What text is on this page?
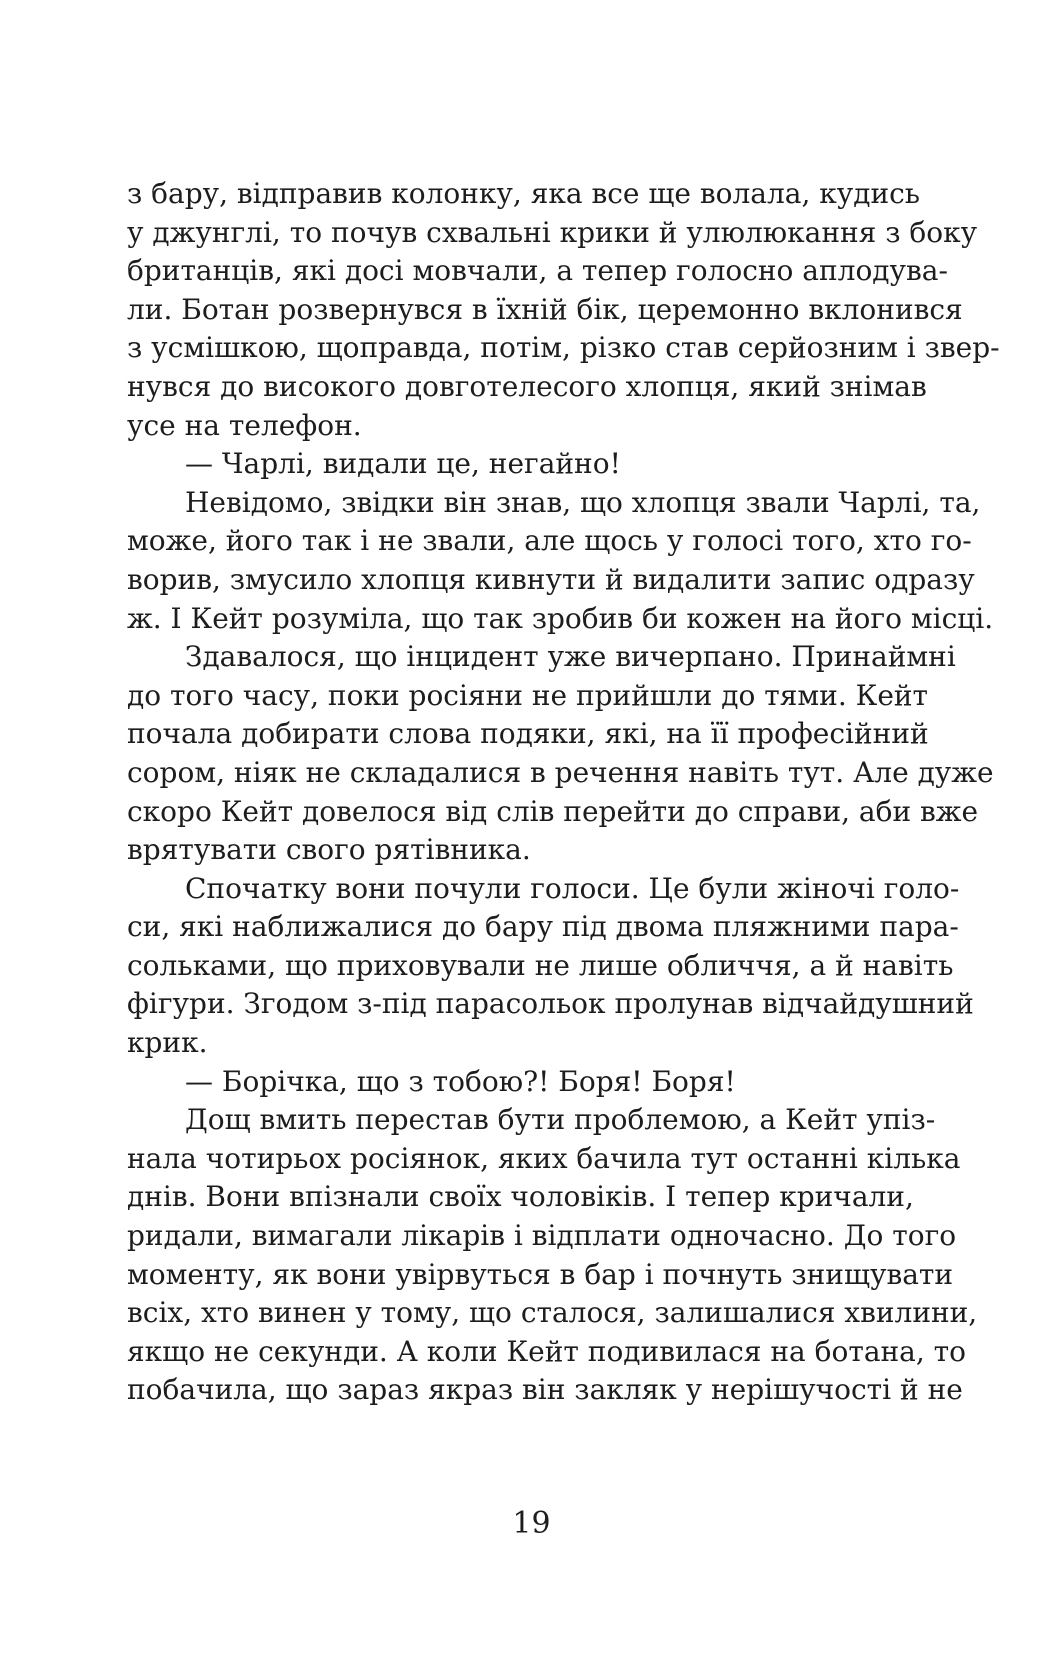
з бару, відправив колонку, яка все ще волала, кудись
у джунглі, то почув схвальні крики й улюлюкання з боку
британців, які досі мовчали, а тепер голосно аплодува-
ли. Ботан розвернувся в їхній бік, церемонно вклонився
з усмішкою, щоправда, потім, різко став серйозним і звер-
нувся до високого довготелесого хлопця, який знімав
усе на телефон.
— Чарлі, видали це, негайно!
Невідомо, звідки він знав, що хлопця звали Чарлі, та,
може, його так і не звали, але щось у голосі того, хто го-
ворив, змусило хлопця кивнути й видалити запис одразу
ж. І Кейт розуміла, що так зробив би кожен на його місці.
Здавалося, що інцидент уже вичерпано. Принаймні
до того часу, поки росіяни не прийшли до тями. Кейт
почала добирати слова подяки, які, на її професійний
сором, ніяк не складалися в речення навіть тут. Але дуже
скоро Кейт довелося від слів перейти до справи, аби вже
врятувати свого рятівника.
Спочатку вони почули голоси. Це були жіночі голо-
си, які наближалися до бару під двома пляжними пара-
сольками, що приховували не лише обличчя, а й навіть
фігури. Згодом з-під парасольок пролунав відчайдушний
крик.
— Борічка, що з тобою?! Боря! Боря!
Дощ вмить перестав бути проблемою, а Кейт упіз-
нала чотирьох росіянок, яких бачила тут останні кілька
днів. Вони впізнали своїх чоловіків. І тепер кричали,
ридали, вимагали лікарів і відплати одночасно. До того
моменту, як вони увірвуться в бар і почнуть знищувати
всіх, хто винен у тому, що сталося, залишалися хвилини,
якщо не секунди. А коли Кейт подивилася на ботана, то
побачила, що зараз якраз він закляк у нерішучості й не
19
